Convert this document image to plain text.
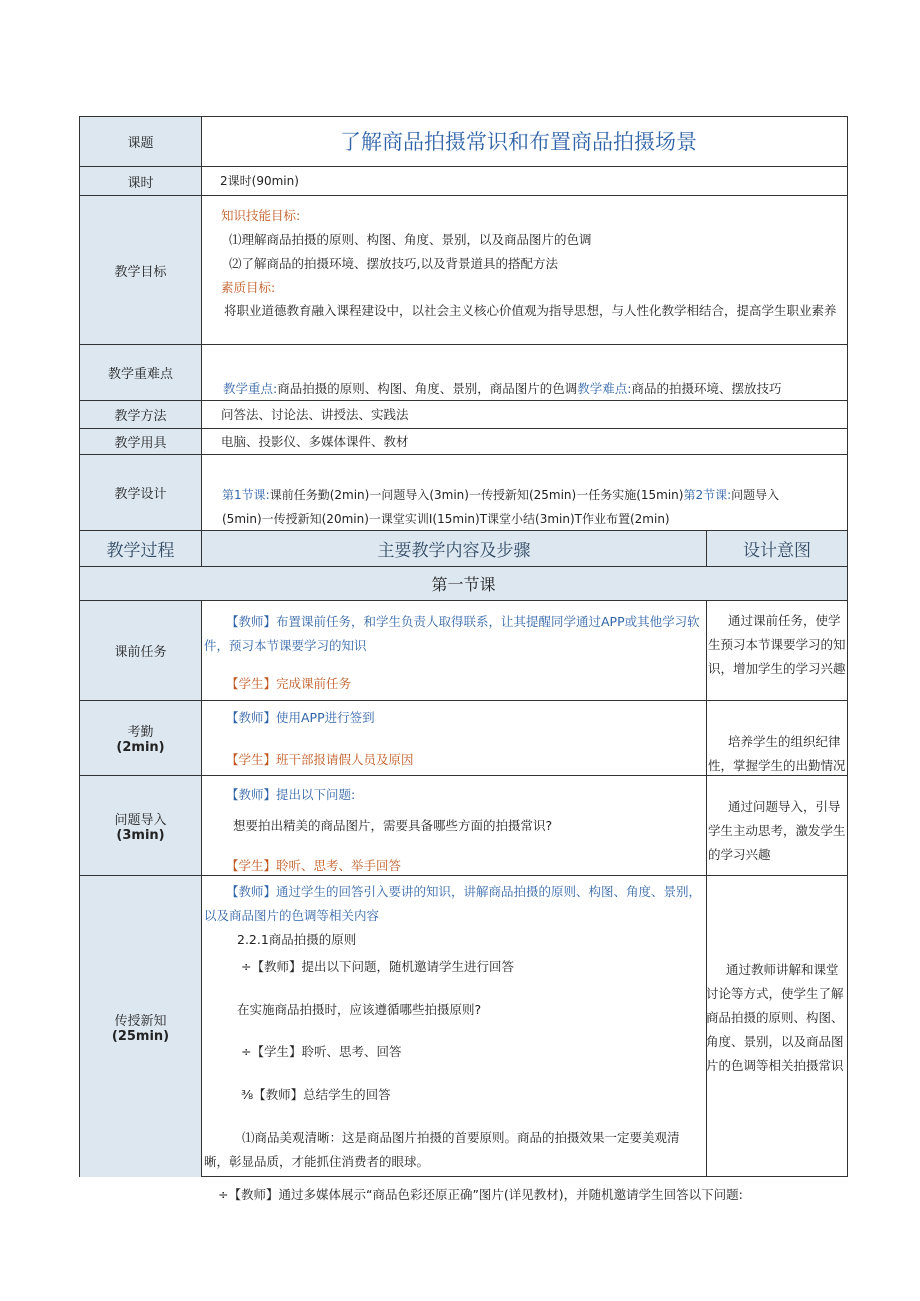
课题
课时
教学目标
教学重难点
教学方法
教学用具
教学设计
了解商品拍摄常识和布置商品拍摄场景
2课时(90min)
知识技能目标:
⑴理解商品拍摄的原则、构图、角度、景别，以及商品图片的色调
⑵了解商品的拍摄环境、摆放技巧,以及背景道具的搭配方法
素质目标:
将职业道德教育融入课程建设中，以社会主义核心价值观为指导思想，与人性化教学相结合，提高学生职业素养
教学重点:商品拍摄的原则、构图、角度、景别，商品图片的色调教学难点:商品的拍摄环境、摆放技巧
问答法、讨论法、讲授法、实践法
电脑、投影仪、多媒体课件、教材
第1节课:课前任务勤(2min)一问题导入(3min)一传授新知(25min)一任务实施(15min)第2节课:问题导入
(5min)一传授新知(20min)一课堂实训I(15min)T课堂小结(3min)T作业布置(2min)
教学过程	主要教学内容及步骤	设计意图
第一节课
课前任务
【教师】布置课前任务，和学生负责人取得联系，让其提醒同学通过APP或其他学习软件，预习本节课要学习的知识
【学生】完成课前任务
通过课前任务，使学生预习本节课要学习的知识，增加学生的学习兴趣
考勤
(2min)
【教师】使用APP进行签到
【学生】班干部报请假人员及原因
培养学生的组织纪律性，掌握学生的出勤情况
问题导入
(3min)
【教师】提出以下问题:
想要拍出精美的商品图片，需要具备哪些方面的拍摄常识?
【学生】聆听、思考、举手回答
通过问题导入，引导学生主动思考，激发学生的学习兴趣
传授新知
(25min)
【教师】通过学生的回答引入要讲的知识，讲解商品拍摄的原则、构图、角度、景别，以及商品图片的色调等相关内容
2.2.1商品拍摄的原则
÷【教师】提出以下问题，随机邀请学生进行回答
在实施商品拍摄时，应该遵循哪些拍摄原则?
÷【学生】聆听、思考、回答
⅜【教师】总结学生的回答
⑴商品美观清晰：这是商品图片拍摄的首要原则。商品的拍摄效果一定要美观清晰，彰显品质，才能抓住消费者的眼球。
通过教师讲解和课堂讨论等方式，使学生了解商品拍摄的原则、构图、角度、景别，以及商品图片的色调等相关拍摄常识
÷【教师】通过多媒体展示“商品色彩还原正确”图片(详见教材)，并随机邀请学生回答以下问题:
